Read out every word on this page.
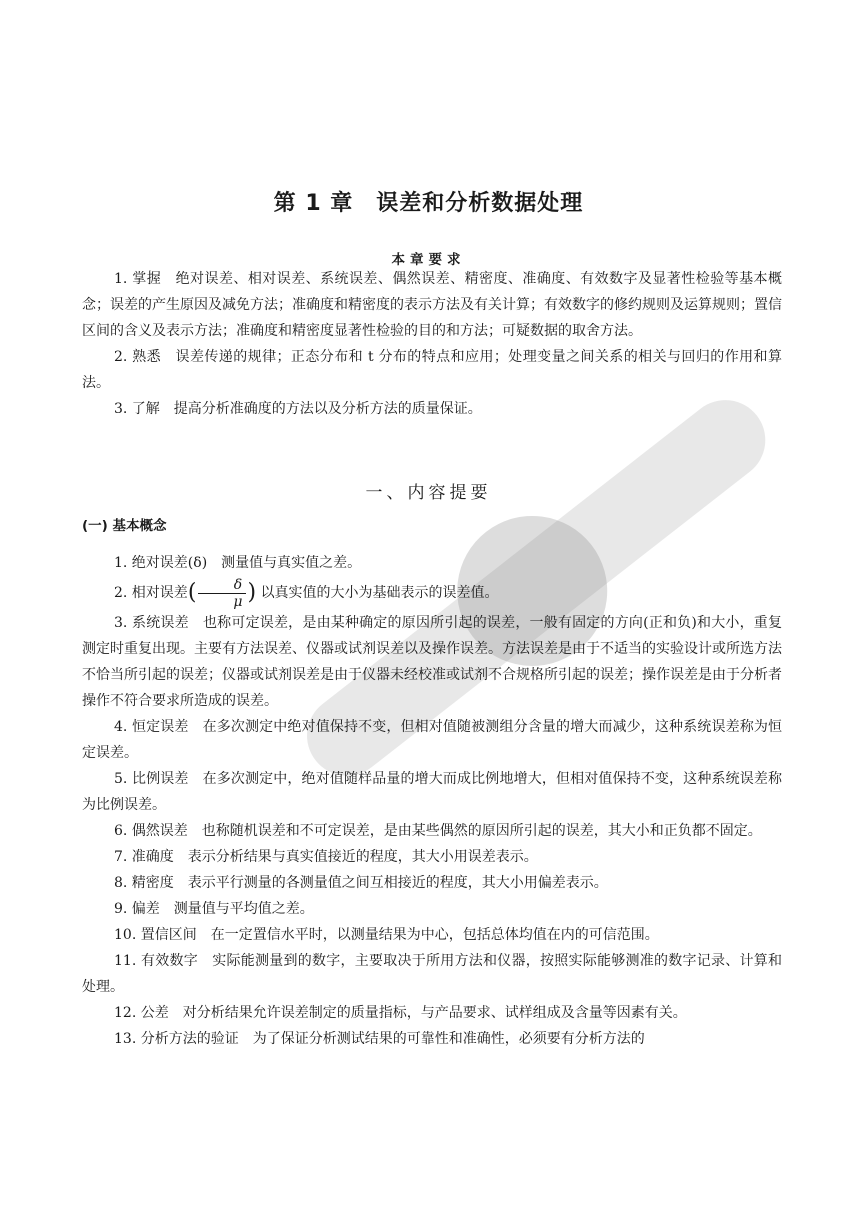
第 1 章　误差和分析数据处理
本章要求

1. 掌握　绝对误差、相对误差、系统误差、偶然误差、精密度、准确度、有效数字及显著性检验等基本概念；误差的产生原因及减免方法；准确度和精密度的表示方法及有关计算；有效数字的修约规则及运算规则；置信区间的含义及表示方法；准确度和精密度显著性检验的目的和方法；可疑数据的取舍方法。

2. 熟悉　误差传递的规律；正态分布和 t 分布的特点和应用；处理变量之间关系的相关与回归的作用和算法。

3. 了解　提高分析准确度的方法以及分析方法的质量保证。

一、内容提要
(一) 基本概念

1. 绝对误差(δ)　测量值与真实值之差。

2. 相对误差( $\frac{\delta}{\mu}$ ) 以真实值的大小为基础表示的误差值。

3. 系统误差　也称可定误差，是由某种确定的原因所引起的误差，一般有固定的方向(正和负)和大小，重复测定时重复出现。主要有方法误差、仪器或试剂误差以及操作误差。方法误差是由于不适当的实验设计或所选方法不恰当所引起的误差；仪器或试剂误差是由于仪器未经校准或试剂不合规格所引起的误差；操作误差是由于分析者操作不符合要求所造成的误差。

4. 恒定误差　在多次测定中绝对值保持不变，但相对值随被测组分含量的增大而减少，这种系统误差称为恒定误差。

5. 比例误差　在多次测定中，绝对值随样品量的增大而成比例地增大，但相对值保持不变，这种系统误差称为比例误差。

6. 偶然误差　也称随机误差和不可定误差，是由某些偶然的原因所引起的误差，其大小和正负都不固定。

7. 准确度　表示分析结果与真实值接近的程度，其大小用误差表示。

8. 精密度　表示平行测量的各测量值之间互相接近的程度，其大小用偏差表示。

9. 偏差　测量值与平均值之差。

10. 置信区间　在一定置信水平时，以测量结果为中心，包括总体均值在内的可信范围。

11. 有效数字　实际能测量到的数字，主要取决于所用方法和仪器，按照实际能够测准的数字记录、计算和处理。

12. 公差　对分析结果允许误差制定的质量指标，与产品要求、试样组成及含量等因素有关。

13. 分析方法的验证　为了保证分析测试结果的可靠性和准确性，必须要有分析方法的
